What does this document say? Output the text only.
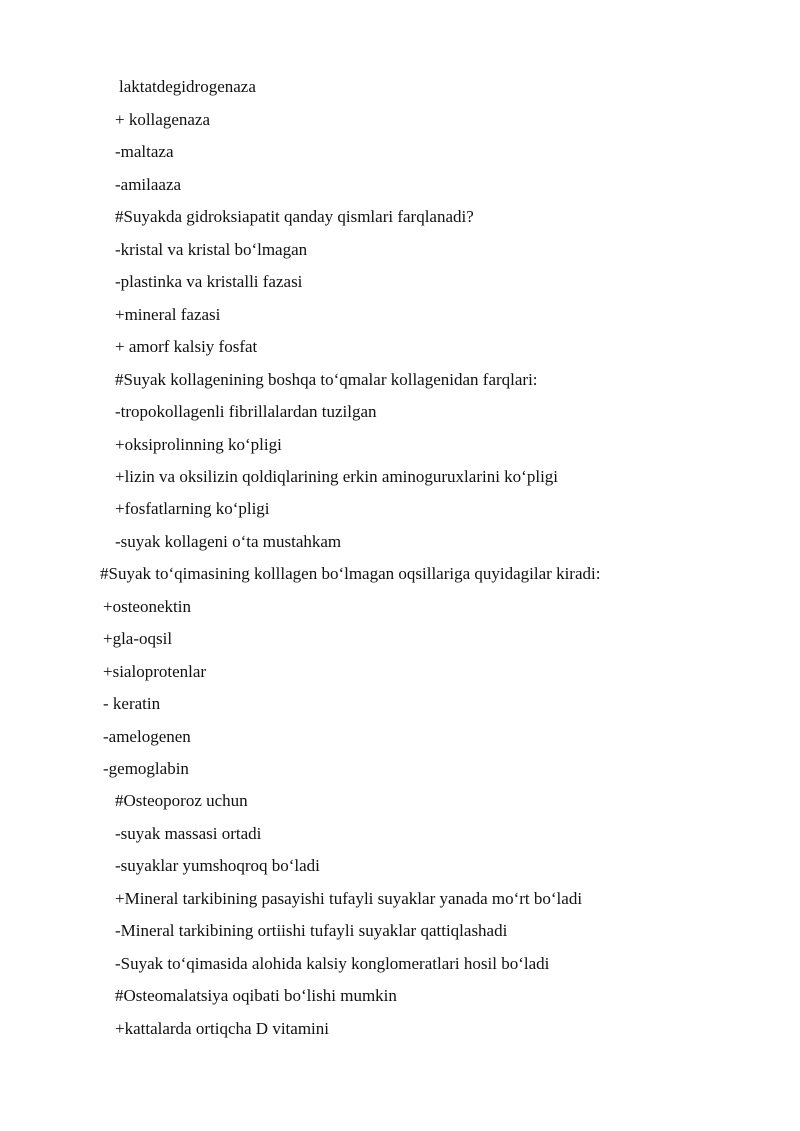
laktatdegidrogenaza
+ kollagenaza
-maltaza
-amilaaza
#Suyakda gidroksiapatit qanday qismlari farqlanadi?
-kristal va kristal bo‘lmagan
-plastinka va kristalli fazasi
+mineral fazasi
+ amorf kalsiy fosfat
#Suyak kollagenining boshqa to‘qmalar kollagenidan farqlari:
-tropokollagenli fibrillalardan tuzilgan
+oksiprolinning ko‘pligi
+lizin va oksilizin qoldiqlarining erkin aminoguruxlarini ko‘pligi
+fosfatlarning ko‘pligi
-suyak kollageni o‘ta mustahkam
#Suyak to‘qimasining kolllagen bo‘lmagan oqsillariga quyidagilar kiradi:
+osteonektin
+gla-oqsil
+sialoprotenlar
- keratin
-amelogenen
-gemoglabin
#Osteoporoz uchun
-suyak massasi ortadi
-suyaklar yumshoqroq bo‘ladi
+Mineral tarkibining pasayishi tufayli suyaklar yanada mo‘rt bo‘ladi
-Mineral tarkibining ortiishi tufayli suyaklar qattiqlashadi
-Suyak to‘qimasida alohida kalsiy konglomeratlari hosil bo‘ladi
#Osteomalatsiya oqibati bo‘lishi mumkin
+kattalarda ortiqcha D vitamini
